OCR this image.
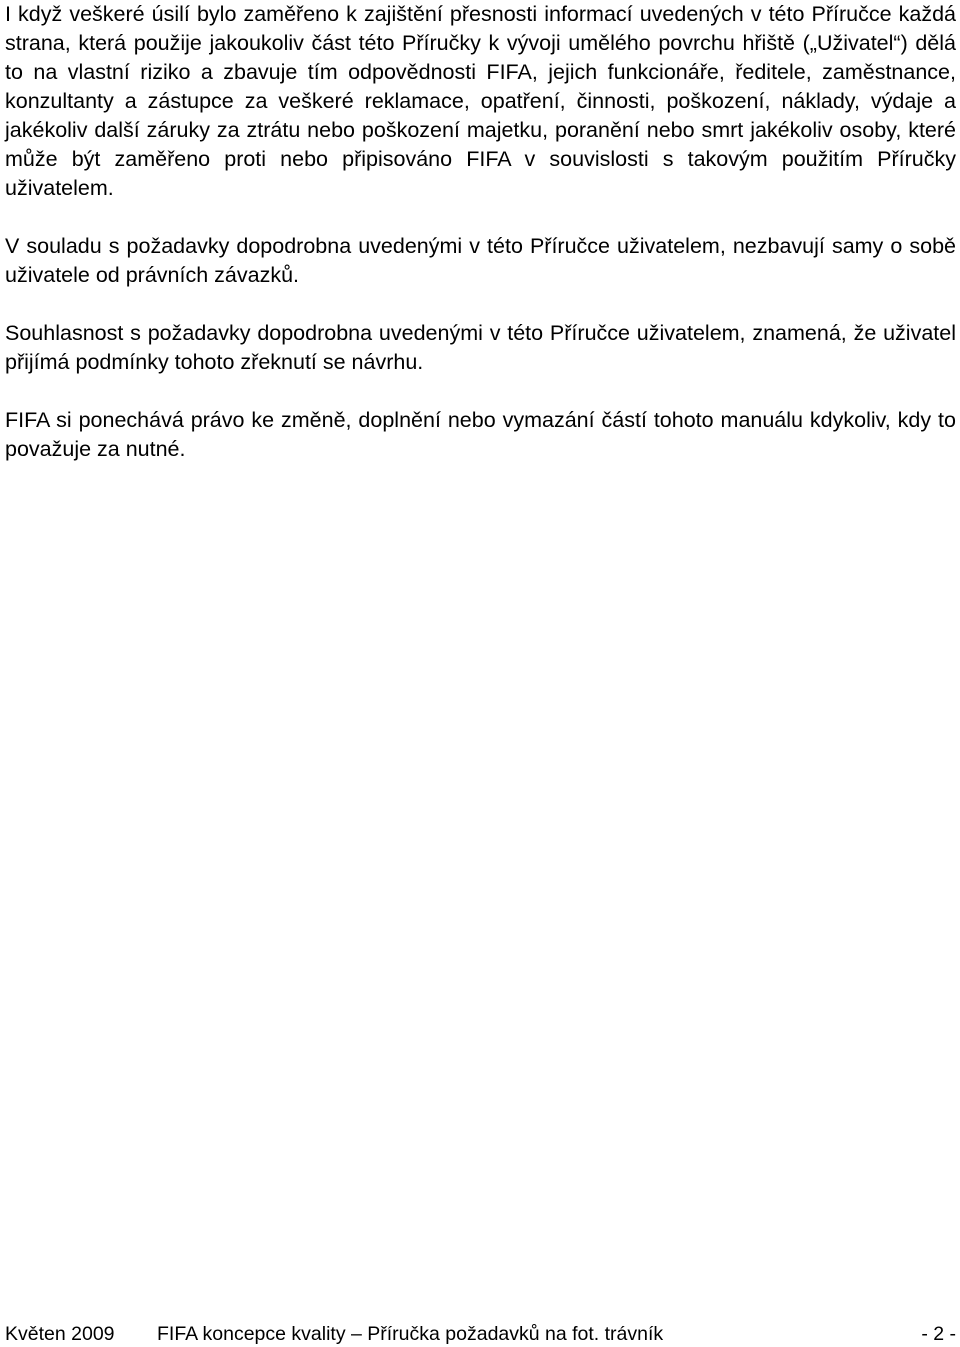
I když veškeré úsilí bylo zaměřeno k zajištění přesnosti informací uvedených v této Příručce každá strana, která použije jakoukoliv část této Příručky k vývoji umělého povrchu hřiště („Uživatel“) dělá to na vlastní riziko a zbavuje tím odpovědnosti FIFA, jejich funkcionáře, ředitele, zaměstnance, konzultanty a zástupce za veškeré reklamace, opatření, činnosti, poškození, náklady, výdaje a jakékoliv další záruky za ztrátu nebo poškození majetku, poranění nebo smrt jakékoliv osoby, které může být zaměřeno proti nebo připisováno FIFA v souvislosti s takovým použitím Příručky uživatelem.

V souladu s požadavky dopodrobna uvedenými v této Příručce uživatelem, nezbavují samy o sobě uživatele od právních závazků.

Souhlasnost s požadavky dopodrobna uvedenými v této Příručce uživatelem, znamená, že uživatel přijímá podmínky tohoto zřeknutí se návrhu.

FIFA si ponechává právo ke změně, doplnění nebo vymazání částí tohoto manuálu kdykoliv, kdy to považuje za nutné.

Květen 2009 FIFA koncepce kvality – Příručka požadavků na fot. trávník	- 2 -
